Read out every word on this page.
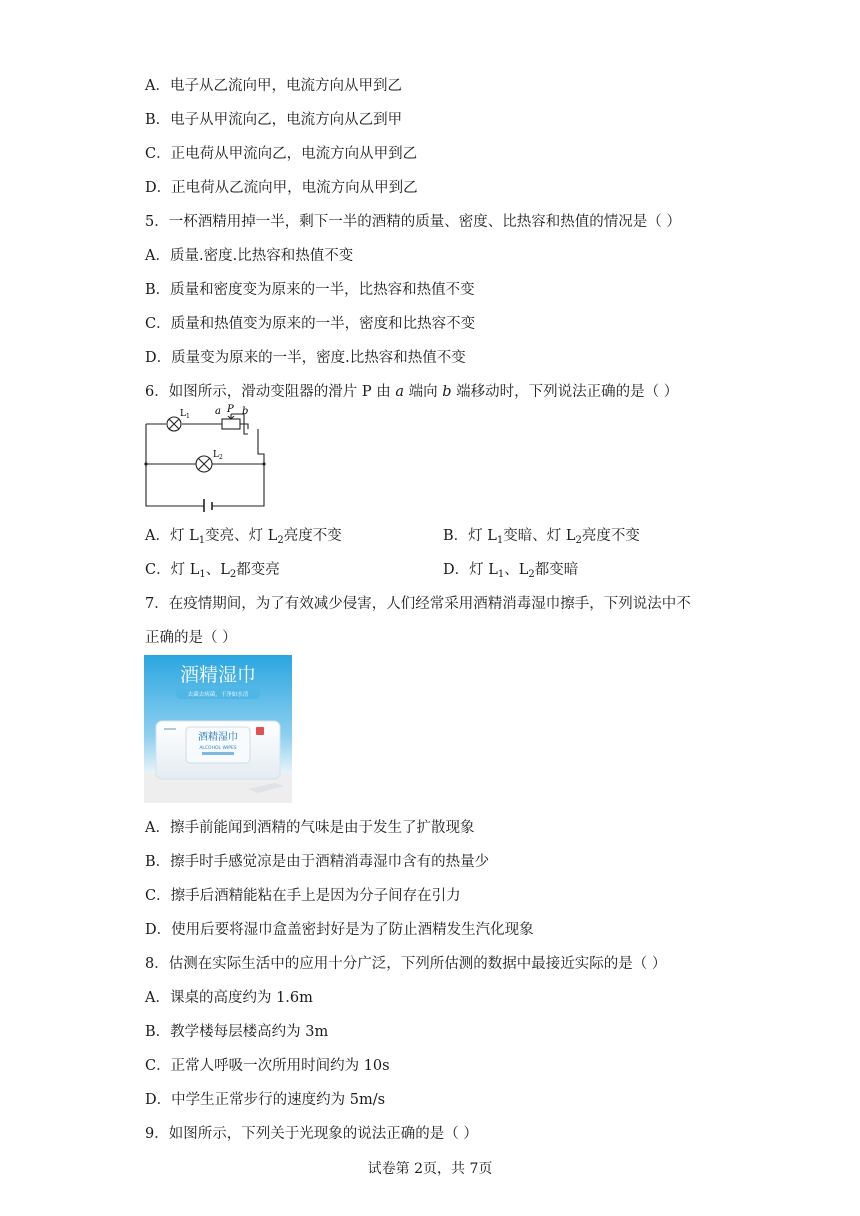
A．电子从乙流向甲，电流方向从甲到乙
B．电子从甲流向乙，电流方向从乙到甲
C．正电荷从甲流向乙，电流方向从甲到乙
D．正电荷从乙流向甲，电流方向从甲到乙
5．一杯酒精用掉一半，剩下一半的酒精的质量、密度、比热容和热值的情况是（ ）
A．质量.密度.比热容和热值不变
B．质量和密度变为原来的一半，比热容和热值不变
C．质量和热值变为原来的一半，密度和比热容不变
D．质量变为原来的一半，密度.比热容和热值不变
6．如图所示，滑动变阻器的滑片 P 由 a 端向 b 端移动时，下列说法正确的是（ ）
$L_1$
$L_2$
a P b
A．灯 $L_1$变亮、灯 $L_2$亮度不变	B．灯 $L_1$变暗、灯 $L_2$亮度不变
C．灯 $L_1$、$L_2$都变亮	D．灯 $L_1$、$L_2$都变暗
7．在疫情期间，为了有效减少侵害，人们经常采用酒精消毒湿巾擦手，下列说法中不
正确的是（ ）
酒精湿巾
去菌去病菌，干净如水清
酒精湿巾
ALCOHOL WIPES
A．擦手前能闻到酒精的气味是由于发生了扩散现象
B．擦手时手感觉凉是由于酒精消毒湿巾含有的热量少
C．擦手后酒精能粘在手上是因为分子间存在引力
D．使用后要将湿巾盒盖密封好是为了防止酒精发生汽化现象
8．估测在实际生活中的应用十分广泛，下列所估测的数据中最接近实际的是（ ）
A．课桌的高度约为 1.6m
B．教学楼每层楼高约为 3m
C．正常人呼吸一次所用时间约为 10s
D．中学生正常步行的速度约为 5m/s
9．如图所示，下列关于光现象的说法正确的是（ ）
试卷第 2页，共 7页
